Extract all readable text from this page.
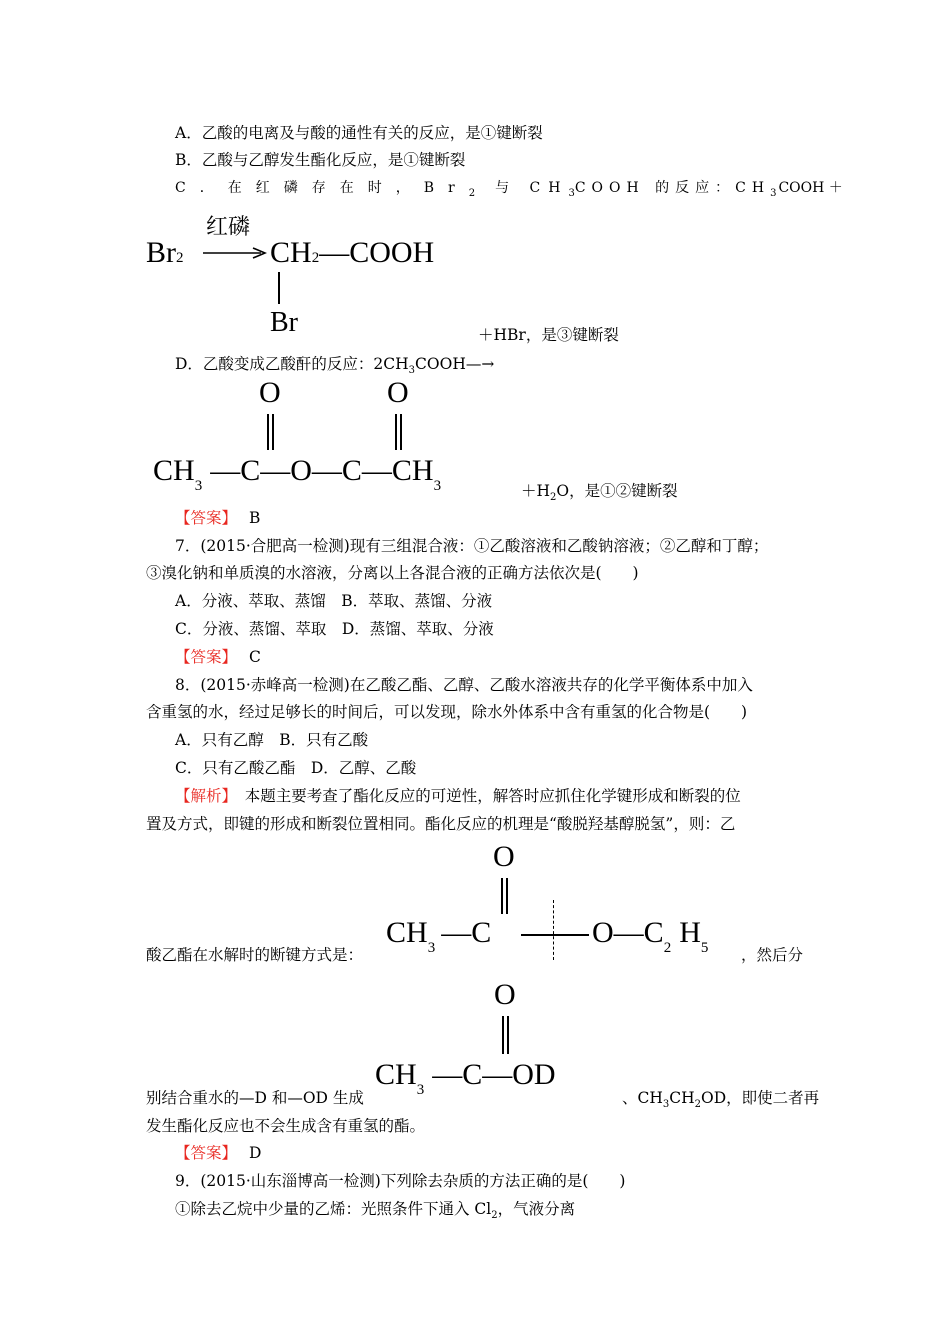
A．乙酸的电离及与酸的通性有关的反应，是①键断裂
B．乙酸与乙醇发生酯化反应，是①键断裂
C．在红磷存在时，$Br_2$ 与 $CH_3COOH$ 的反应：$CH_3$ COOH ＋
Br2
红磷
CH2—COOH
Br	＋HBr，是③键断裂
D．乙酸变成乙酸酐的反应：$2CH_3COOH—\to$
O	O
$CH_3$ $—C—O—C—CH_3$	$+H_2O$，是①②键断裂
【答案】 B
7．(2015·合肥高一检测)现有三组混合液：①乙酸溶液和乙酸钠溶液；②乙醇和丁醇；
③溴化钠和单质溴的水溶液，分离以上各混合液的正确方法依次是(　　)
A．分液、萃取、蒸馏　B．萃取、蒸馏、分液
C．分液、蒸馏、萃取　D．蒸馏、萃取、分液
【答案】 C
8．(2015·赤峰高一检测)在乙酸乙酯、乙醇、乙酸水溶液共存的化学平衡体系中加入
含重氢的水，经过足够长的时间后，可以发现，除水外体系中含有重氢的化合物是(　　)
A．只有乙醇　B．只有乙酸
C．只有乙酸乙酯　D．乙醇、乙酸
【解析】　本题主要考查了酯化反应的可逆性，解答时应抓住化学键形成和断裂的位
置及方式，即键的形成和断裂位置相同。酯化反应的机理是“酸脱羟基醇脱氢”，则：乙
O
$CH_3$ —C	$O—C_2$ $H_5$
酸乙酯在水解时的断键方式是：	，然后分
O
$CH_3$ —C—OD
别结合重水的—D 和—OD 生成	、$CH_3CH_2OD$，即使二者再
发生酯化反应也不会生成含有重氢的酯。
【答案】 D
9．(2015·山东淄博高一检测)下列除去杂质的方法正确的是(　　)
①除去乙烷中少量的乙烯：光照条件下通入 $Cl_2$，气液分离
